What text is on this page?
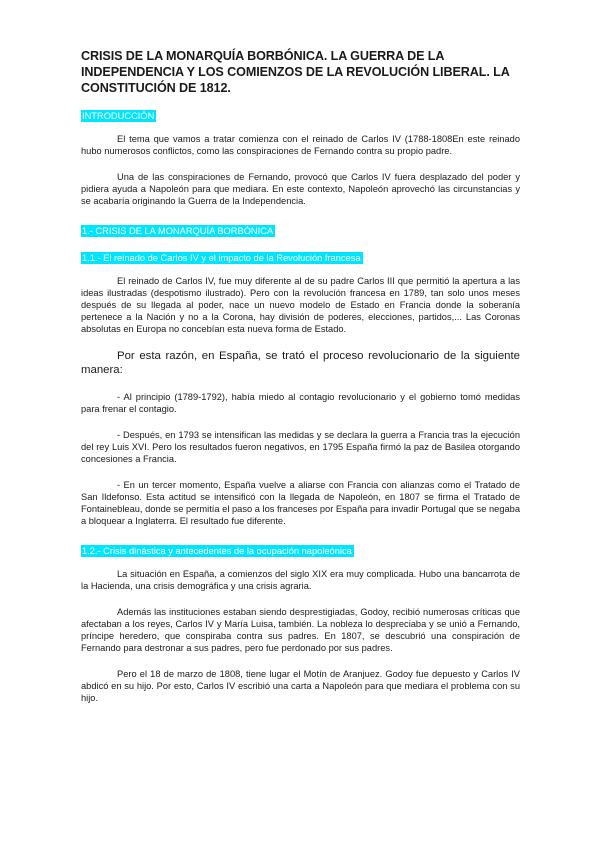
CRISIS DE LA MONARQUÍA BORBÓNICA. LA GUERRA DE LA INDEPENDENCIA Y LOS COMIENZOS DE LA REVOLUCIÓN LIBERAL. LA CONSTITUCIÓN DE 1812.
INTRODUCCIÓN

El tema que vamos a tratar comienza con el reinado de Carlos IV (1788-1808En este reinado hubo numerosos conflictos, como las conspiraciones de Fernando contra su propio padre.

Una de las conspiraciones de Fernando, provocó que Carlos IV fuera desplazado del poder y pidiera ayuda a Napoleón para que mediara. En este contexto, Napoleón aprovechó las circunstancias y se acabaría originando la Guerra de la Independencia.

1.- CRISIS DE LA MONARQUÍA BORBÓNICA
1.1.- El reinado de Carlos IV y el impacto de la Revolución francesa

El reinado de Carlos IV, fue muy diferente al de su padre Carlos III que permitió la apertura a las ideas ilustradas (despotismo ilustrado). Pero con la revolución francesa en 1789, tan solo unos meses después de su llegada al poder, nace un nuevo modelo de Estado en Francia donde la soberanía pertenece a la Nación y no a la Corona, hay división de poderes, elecciones, partidos,... Las Coronas absolutas en Europa no concebían esta nueva forma de Estado.

Por esta razón, en España, se trató el proceso revolucionario de la siguiente manera:

- Al principio (1789-1792), había miedo al contagio revolucionario y el gobierno tomó medidas para frenar el contagio.

- Después, en 1793 se intensifican las medidas y se declara la guerra a Francia tras la ejecución del rey Luis XVI. Pero los resultados fueron negativos, en 1795 España firmó la paz de Basilea otorgando concesiones a Francia.

- En un tercer momento, España vuelve a aliarse con Francia con alianzas como el Tratado de San Ildefonso. Esta actitud se intensificó con la llegada de Napoleón, en 1807 se firma el Tratado de Fontainebleau, donde se permitía el paso a los franceses por España para invadir Portugal que se negaba a bloquear a Inglaterra. El resultado fue diferente.

1.2.- Crisis dinástica y antecedentes de la ocupación napoleónica

La situación en España, a comienzos del siglo XIX era muy complicada. Hubo una bancarrota de la Hacienda, una crisis demográfica y una crisis agraria.

Además las instituciones estaban siendo desprestigiadas, Godoy, recibió numerosas críticas que afectaban a los reyes, Carlos IV y María Luisa, también. La nobleza lo despreciaba y se unió a Fernando, príncipe heredero, que conspiraba contra sus padres. En 1807, se descubrió una conspiración de Fernando para destronar a sus padres, pero fue perdonado por sus padres.

Pero el 18 de marzo de 1808, tiene lugar el Motín de Aranjuez. Godoy fue depuesto y Carlos IV abdicó en su hijo. Por esto, Carlos IV escribió una carta a Napoleón para que mediara el problema con su hijo.
